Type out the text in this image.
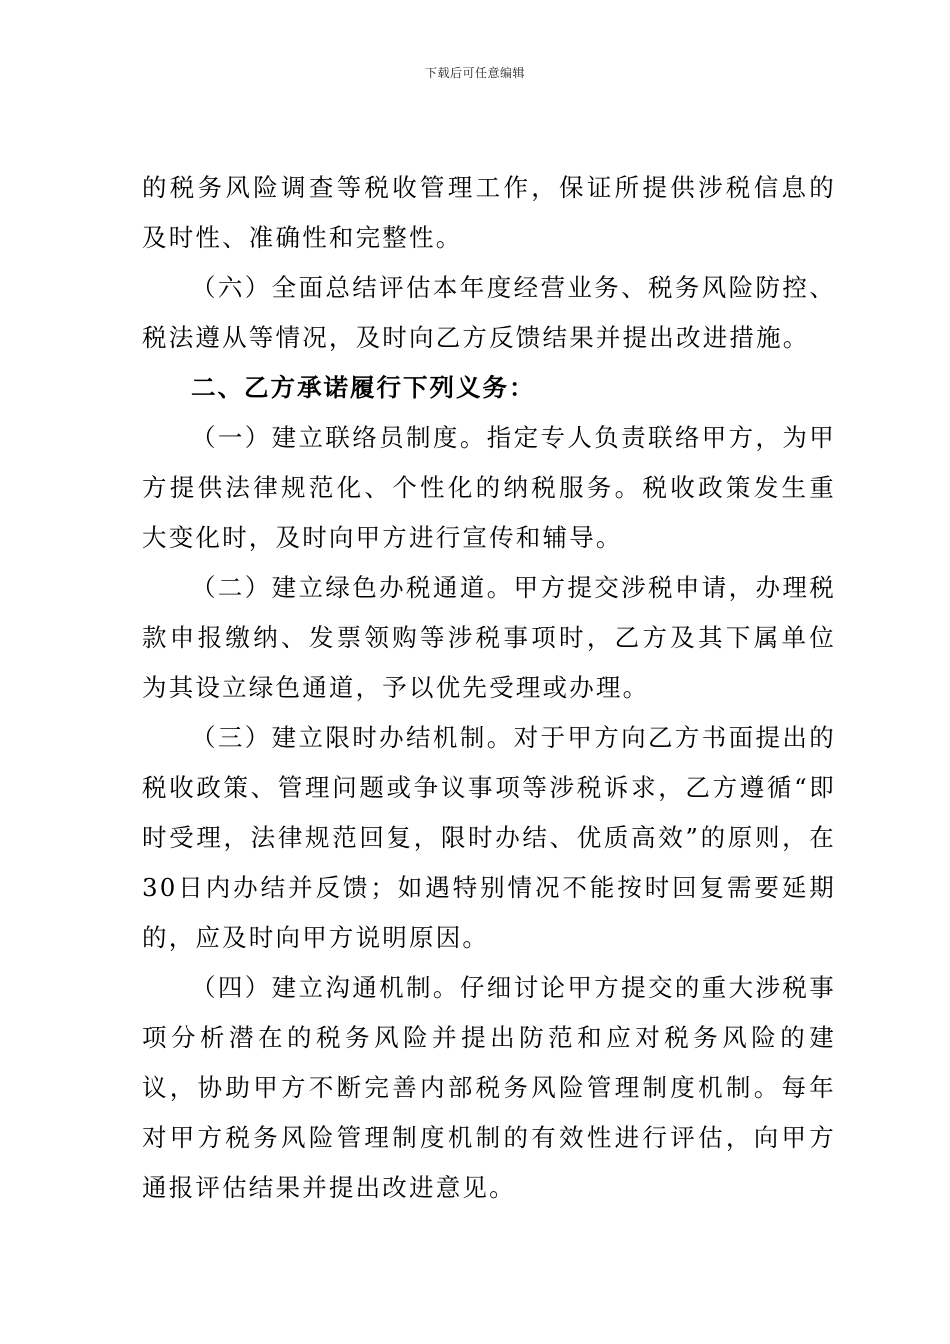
下载后可任意编辑

的税务风险调查等税收管理工作，保证所提供涉税信息的及时性、准确性和完整性。

（六）全面总结评估本年度经营业务、税务风险防控、税法遵从等情况，及时向乙方反馈结果并提出改进措施。

二、乙方承诺履行下列义务：

（一）建立联络员制度。指定专人负责联络甲方，为甲方提供法律规范化、个性化的纳税服务。税收政策发生重大变化时，及时向甲方进行宣传和辅导。

（二）建立绿色办税通道。甲方提交涉税申请，办理税款申报缴纳、发票领购等涉税事项时，乙方及其下属单位为其设立绿色通道，予以优先受理或办理。

（三）建立限时办结机制。对于甲方向乙方书面提出的税收政策、管理问题或争议事项等涉税诉求，乙方遵循“即时受理，法律规范回复，限时办结、优质高效”的原则，在30日内办结并反馈；如遇特别情况不能按时回复需要延期的，应及时向甲方说明原因。

（四）建立沟通机制。仔细讨论甲方提交的重大涉税事项分析潜在的税务风险并提出防范和应对税务风险的建议，协助甲方不断完善内部税务风险管理制度机制。每年对甲方税务风险管理制度机制的有效性进行评估，向甲方通报评估结果并提出改进意见。
